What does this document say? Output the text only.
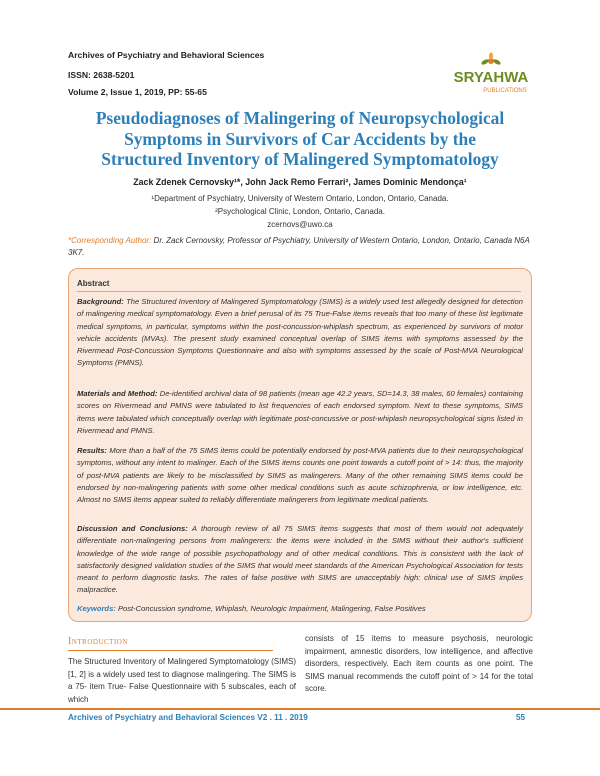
Archives of Psychiatry and Behavioral Sciences
ISSN: 2638-5201
Volume 2, Issue 1, 2019, PP: 55-65
SRYAHWA
PUBLICATIONS
Pseudodiagnoses of Malingering of Neuropsychological
Symptoms in Survivors of Car Accidents by the
Structured Inventory of Malingered Symptomatology
Zack Zdenek Cernovsky¹*, John Jack Remo Ferrari², James Dominic Mendonça¹
¹Department of Psychiatry, University of Western Ontario, London, Ontario, Canada.
²Psychological Clinic, London, Ontario, Canada.
zcernovs@uwo.ca
*Corresponding Author: Dr. Zack Cernovsky, Professor of Psychiatry, University of Western Ontario, London, Ontario, Canada N6A 3K7.
Abstract
Background: The Structured Inventory of Malingered Symptomatology (SIMS) is a widely used test allegedly designed for detection of malingering medical symptomatology. Even a brief perusal of its 75 True-False items reveals that too many of these list legitimate medical symptoms, in particular, symptoms within the post-concussion-whiplash spectrum, as experienced by survivors of motor vehicle accidents (MVAs). The present study examined conceptual overlap of SIMS items with symptoms assessed by the Rivermead Post-Concussion Symptoms Questionnaire and also with symptoms assessed by the scale of Post-MVA Neurological Symptoms (PMNS).
Materials and Method: De-identified archival data of 98 patients (mean age 42.2 years, SD=14.3, 38 males, 60 females) containing scores on Rivermead and PMNS were tabulated to list frequencies of each endorsed symptom. Next to these symptoms, SIMS items were tabulated which conceptually overlap with legitimate post-concussive or post-whiplash neuropsychological signs listed in Rivermead and PMNS.
Results: More than a half of the 75 SIMS items could be potentially endorsed by post-MVA patients due to their neuropsychological symptoms, without any intent to malinger. Each of the SIMS items counts one point towards a cutoff point of > 14: thus, the majority of post-MVA patients are likely to be misclassified by SIMS as malingerers. Many of the other remaining SIMS items could be endorsed by non-malingering patients with some other medical conditions such as acute schizophrenia, or low intelligence, etc. Almost no SIMS items appear suited to reliably differentiate malingerers from legitimate medical patients.
Discussion and Conclusions: A thorough review of all 75 SIMS items suggests that most of them would not adequately differentiate non-malingering persons from malingerers: the items were included in the SIMS without their author's sufficient knowledge of the wide range of possible psychopathology and of other medical conditions. This is consistent with the lack of satisfactorily designed validation studies of the SIMS that would meet standards of the American Psychological Association for tests meant to perform diagnostic tasks. The rates of false positive with SIMS are unacceptably high: clinical use of SIMS implies malpractice.
Keywords: Post-Concussion syndrome, Whiplash, Neurologic Impairment, Malingering, False Positives
Introduction
The Structured Inventory of Malingered Symptomatology (SIMS) [1, 2] is a widely used test to diagnose malingering. The SIMS is a 75- item True- False Questionnaire with 5 subscales, each of which
consists of 15 items to measure psychosis, neurologic impairment, amnestic disorders, low intelligence, and affective disorders, respectively. Each item counts as one point. The SIMS manual recommends the cutoff point of > 14 for the total score.
Archives of Psychiatry and Behavioral Sciences V2 . 11 . 2019	55
